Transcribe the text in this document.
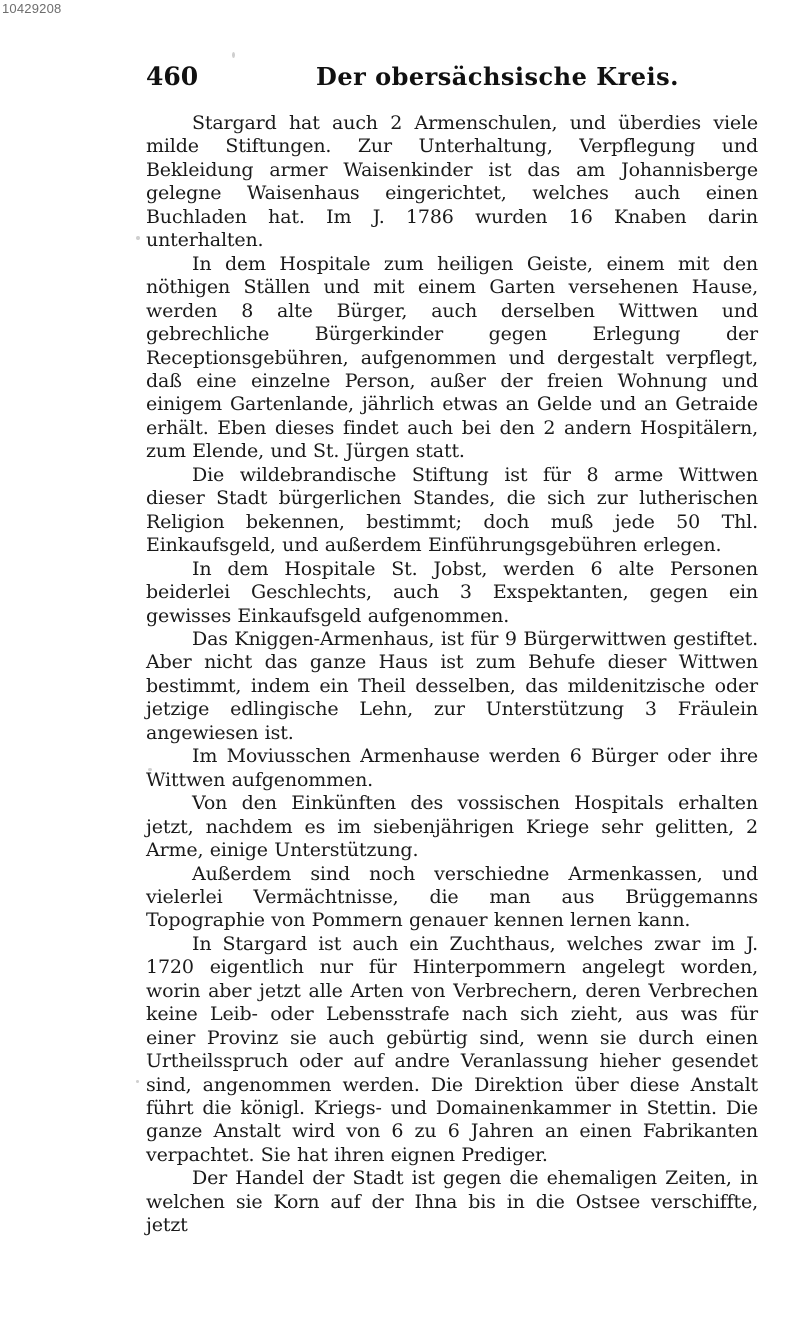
10429208
460	Der obersächsische Kreis.

Stargard hat auch 2 Armenschulen, und überdies viele milde Stiftungen. Zur Unterhaltung, Verpflegung und Bekleidung armer Waisenkinder ist das am Johannisberge gelegne Waisenhaus eingerichtet, welches auch einen Buchladen hat. Im J. 1786 wurden 16 Knaben darin unterhalten.

In dem Hospitale zum heiligen Geiste, einem mit den nöthigen Ställen und mit einem Garten versehenen Hause, werden 8 alte Bürger, auch derselben Wittwen und gebrechliche Bürgerkinder gegen Erlegung der Receptionsgebühren, aufgenommen und dergestalt verpflegt, daß eine einzelne Person, außer der freien Wohnung und einigem Gartenlande, jährlich etwas an Gelde und an Getraide erhält. Eben dieses findet auch bei den 2 andern Hospitälern, zum Elende, und St. Jürgen statt.

Die wildebrandische Stiftung ist für 8 arme Wittwen dieser Stadt bürgerlichen Standes, die sich zur lutherischen Religion bekennen, bestimmt; doch muß jede 50 Thl. Einkaufsgeld, und außerdem Einführungsgebühren erlegen.

In dem Hospitale St. Jobst, werden 6 alte Personen beiderlei Geschlechts, auch 3 Exspektanten, gegen ein gewisses Einkaufsgeld aufgenommen.

Das Kniggen-Armenhaus, ist für 9 Bürgerwittwen gestiftet. Aber nicht das ganze Haus ist zum Behufe dieser Wittwen bestimmt, indem ein Theil desselben, das mildenitzische oder jetzige edlingische Lehn, zur Unterstützung 3 Fräulein angewiesen ist.

Im Moviusschen Armenhause werden 6 Bürger oder ihre Wittwen aufgenommen.

Von den Einkünften des vossischen Hospitals erhalten jetzt, nachdem es im siebenjährigen Kriege sehr gelitten, 2 Arme, einige Unterstützung.

Außerdem sind noch verschiedne Armenkassen, und vielerlei Vermächtnisse, die man aus Brüggemanns Topographie von Pommern genauer kennen lernen kann.

In Stargard ist auch ein Zuchthaus, welches zwar im J. 1720 eigentlich nur für Hinterpommern angelegt worden, worin aber jetzt alle Arten von Verbrechern, deren Verbrechen keine Leib- oder Lebensstrafe nach sich zieht, aus was für einer Provinz sie auch gebürtig sind, wenn sie durch einen Urtheilsspruch oder auf andre Veranlassung hieher gesendet sind, angenommen werden. Die Direktion über diese Anstalt führt die königl. Kriegs- und Domainenkammer in Stettin. Die ganze Anstalt wird von 6 zu 6 Jahren an einen Fabrikanten verpachtet. Sie hat ihren eignen Prediger.

Der Handel der Stadt ist gegen die ehemaligen Zeiten, in welchen sie Korn auf der Ihna bis in die Ostsee verschiffte, jetzt
